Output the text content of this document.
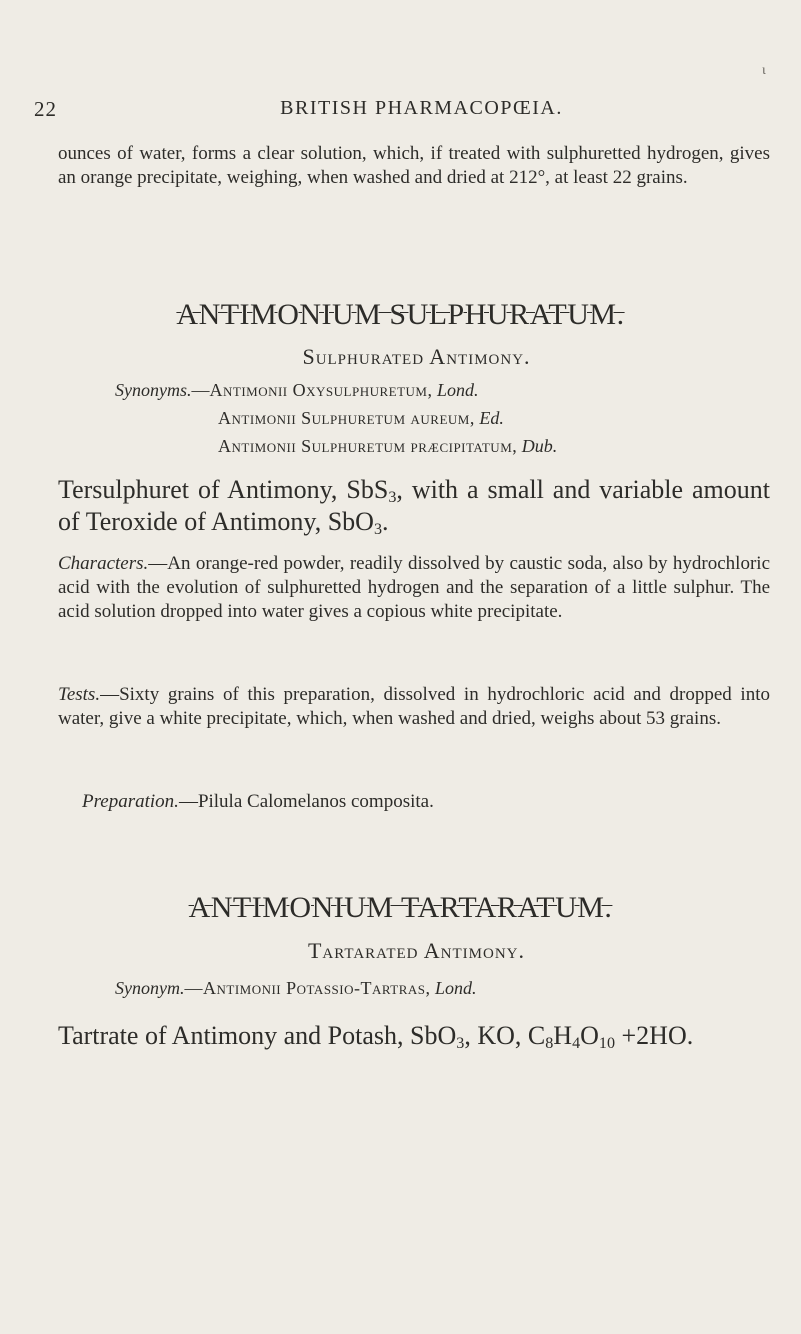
ι
22	BRITISH PHARMACOPŒIA.

ounces of water, forms a clear solution, which, if treated with sulphuretted hydrogen, gives an orange precipitate, weighing, when washed and dried at 212°, at least 22 grains.

ANTIMONIUM SULPHURATUM.
Sulphurated Antimony.
Synonyms.—Antimonii Oxysulphuretum, Lond.
Antimonii Sulphuretum aureum, Ed.
Antimonii Sulphuretum præcipitatum, Dub.

Tersulphuret of Antimony, SbS$_3$, with a small and variable amount of Teroxide of Antimony, SbO$_3$.

Characters.—An orange-red powder, readily dissolved by caustic soda, also by hydrochloric acid with the evolution of sulphuretted hydrogen and the separation of a little sulphur. The acid solution dropped into water gives a copious white precipitate.

Tests.—Sixty grains of this preparation, dissolved in hydrochloric acid and dropped into water, give a white precipitate, which, when washed and dried, weighs about 53 grains.

Preparation.—Pilula Calomelanos composita.

ANTIMONIUM TARTARATUM.
Tartarated Antimony.
Synonym.—Antimonii Potassio-Tartras, Lond.

Tartrate of Antimony and Potash, SbO$_3$, KO, $C_8H_4O_{10} +2HO$.
